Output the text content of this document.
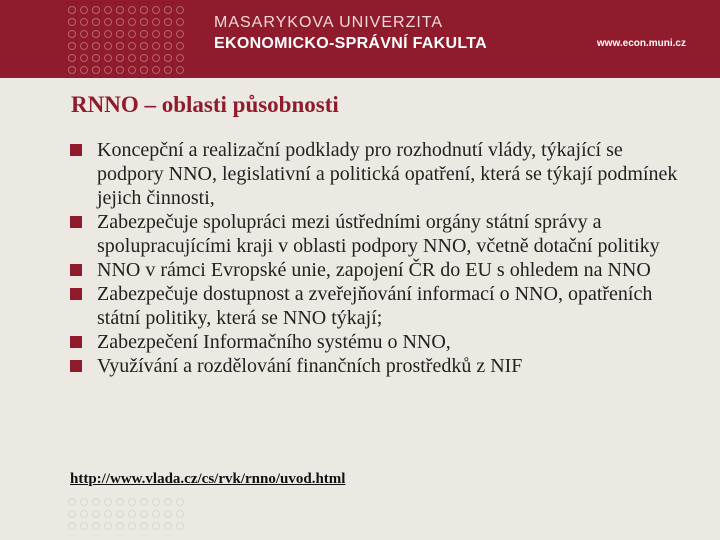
MASARYKOVA UNIVERZITA
EKONOMICKO-SPRÁVNÍ FAKULTA	www.econ.muni.cz
RNNO – oblasti působnosti
Koncepční a realizační podklady pro rozhodnutí vlády, týkající se podpory NNO, legislativní a politická opatření, která se týkají podmínek jejich činnosti,
Zabezpečuje spolupráci mezi ústředními orgány státní správy a spolupracujícími kraji v oblasti podpory NNO, včetně dotační politiky
NNO v rámci Evropské unie, zapojení ČR do EU s ohledem na NNO
Zabezpečuje dostupnost a zveřejňování informací o NNO, opatřeních státní politiky, která se NNO týkají;
Zabezpečení Informačního systému o NNO,
Využívání a rozdělování finančních prostředků z NIF
http://www.vlada.cz/cs/rvk/rnno/uvod.html
